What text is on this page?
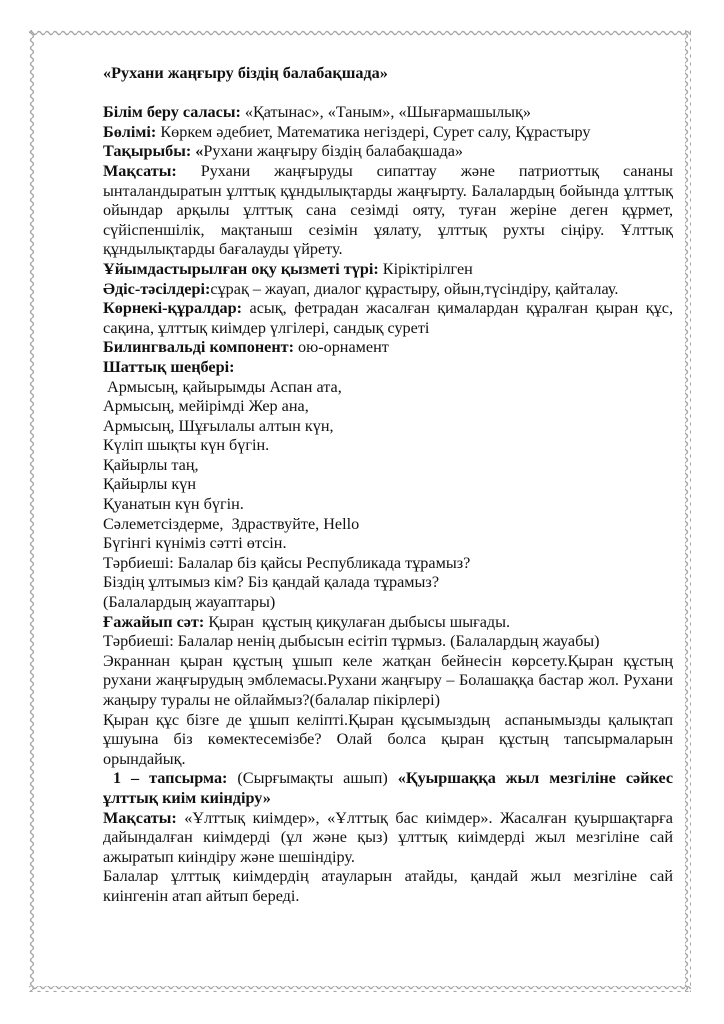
«Рухани жаңғыру біздің балабақшада»

Білім беру саласы: «Қатынас», «Таным», «Шығармашылық»

Бөлімі: Көркем әдебиет, Математика негіздері, Сурет салу, Құрастыру

Тақырыбы: «Рухани жаңғыру біздің балабақшада»

Мақсаты: Рухани жаңғыруды сипаттау және патриоттық сананы ынталандыратын ұлттық құндылықтарды жаңғырту. Балалардың бойында ұлттық ойындар арқылы ұлттық сана сезімді ояту, туған жеріне деген құрмет, сүйіспеншілік, мақтаныш сезімін ұялату, ұлттық рухты сіңіру. Ұлттық құндылықтарды бағалауды үйрету.

Ұйымдастырылған оқу қызметі түрі: Кіріктірілген

Әдіс-тәсілдері:сұрақ – жауап, диалог құрастыру, ойын,түсіндіру, қайталау.

Көрнекі-құралдар: асық, фетрадан жасалған қималардан құралған қыран құс, сақина, ұлттық киімдер үлгілері, сандық суреті

Билингвальді компонент: ою-орнамент

Шаттық шеңбері:

Армысың, қайырымды Аспан ата,

Армысың, мейірімді Жер ана,

Армысың, Шұғылалы алтын күн,

Күліп шықты күн бүгін.

Қайырлы таң,

Қайырлы күн

Қуанатын күн бүгін.

Сәлеметсіздерме,  Здраствуйте, Hello

Бүгінгі күніміз сәтті өтсін.

Тәрбиеші: Балалар біз қайсы Республикада тұрамыз?

Біздің ұлтымыз кім? Біз қандай қалада тұрамыз?

(Балалардың жауаптары)

Ғажайып сәт: Қыран  құстың қиқулаған дыбысы шығады.

Тәрбиеші: Балалар ненің дыбысын есітіп тұрмыз. (Балалардың жауабы)

Экраннан қыран құстың ұшып келе жатқан бейнесін көрсету.Қыран құстың рухани жаңғырудың эмблемасы.Рухани жаңғыру – Болашаққа бастар жол. Рухани жаңыру туралы не ойлаймыз?(балалар пікірлері)

Қыран құс бізге де ұшып келіпті.Қыран құсымыздың  аспанымызды қалықтап ұшуына біз көмектесемізбе? Олай болса қыран құстың тапсырмаларын орындайық.

1 – тапсырма: (Сырғымақты ашып) «Қуыршаққа жыл мезгіліне сәйкес ұлттық киім киіндіру»

Мақсаты: «Ұлттық киімдер», «Ұлттық бас киімдер». Жасалған қуыршақтарға дайындалған киімдерді (ұл және қыз) ұлттық киімдерді жыл мезгіліне сай ажыратып киіндіру және шешіндіру.

Балалар ұлттық киімдердің атауларын атайды, қандай жыл мезгіліне сай киінгенін атап айтып береді.
